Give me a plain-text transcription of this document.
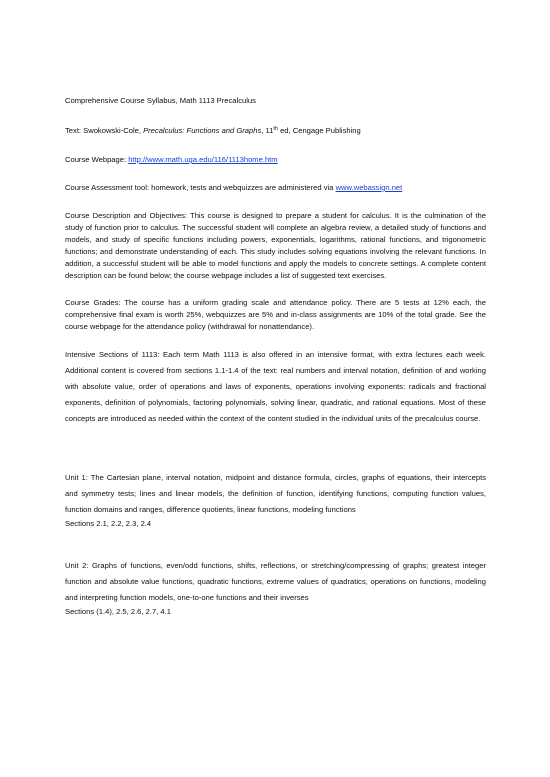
Comprehensive Course Syllabus, Math 1113 Precalculus

Text: Swokowski-Cole, Precalculus: Functions and Graphs, 11th ed, Cengage Publishing

Course Webpage: http://www.math.uga.edu/116/1113home.htm

Course Assessment tool: homework, tests and webquizzes are administered via www.webassign.net

Course Description and Objectives: This course is designed to prepare a student for calculus. It is the culmination of the study of function prior to calculus. The successful student will complete an algebra review, a detailed study of functions and models, and study of specific functions including powers, exponentials, logarithms, rational functions, and trigonometric functions; and demonstrate understanding of each. This study includes solving equations involving the relevant functions. In addition, a successful student will be able to model functions and apply the models to concrete settings. A complete content description can be found below; the course webpage includes a list of suggested text exercises.

Course Grades: The course has a uniform grading scale and attendance policy. There are 5 tests at 12% each, the comprehensive final exam is worth 25%, webquizzes are 5% and in-class assignments are 10% of the total grade. See the course webpage for the attendance policy (withdrawal for nonattendance).

Intensive Sections of 1113: Each term Math 1113 is also offered in an intensive format, with extra lectures each week. Additional content is covered from sections 1.1-1.4 of the text: real numbers and interval notation, definition of and working with absolute value, order of operations and laws of exponents, operations involving exponents: radicals and fractional exponents, definition of polynomials, factoring polynomials, solving linear, quadratic, and rational equations. Most of these concepts are introduced as needed within the context of the content studied in the individual units of the precalculus course.

Unit 1: The Cartesian plane, interval notation, midpoint and distance formula, circles, graphs of equations, their intercepts and symmetry tests; lines and linear models, the definition of function, identifying functions, computing function values, function domains and ranges, difference quotients, linear functions, modeling functions

Sections 2.1, 2.2, 2.3, 2.4

Unit 2: Graphs of functions, even/odd functions, shifts, reflections, or stretching/compressing of graphs; greatest integer function and absolute value functions, quadratic functions, extreme values of quadratics, operations on functions, modeling and interpreting function models, one-to-one functions and their inverses

Sections (1.4), 2.5, 2.6, 2.7, 4.1
